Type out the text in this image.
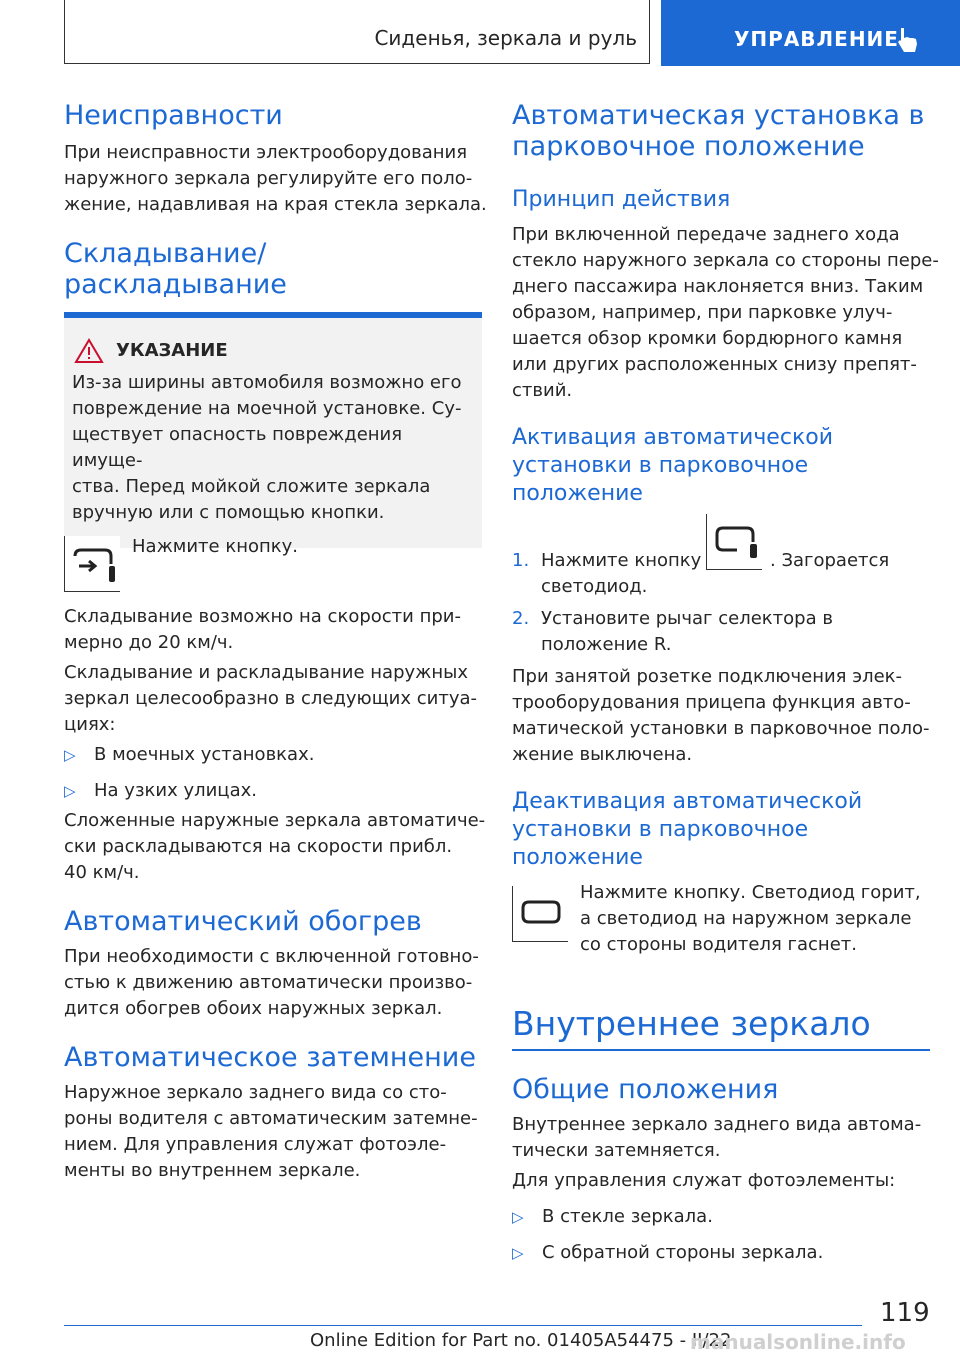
Сиденья, зеркала и руль	УПРАВЛЕНИЕ
Неисправности
При неисправности электрооборудования
наружного зеркала регулируйте его поло-
жение, надавливая на края стекла зеркала.
Складывание/раскладывание
УКАЗАНИЕ
Из-за ширины автомобиля возможно его
повреждение на моечной установке. Су-
ществует опасность повреждения имуще-
ства. Перед мойкой сложите зеркала
вручную или с помощью кнопки.
Нажмите кнопку.
Складывание возможно на скорости при-
мерно до 20 км/ч.
Складывание и раскладывание наружных
зеркал целесообразно в следующих ситуа-
циях:
▷ В моечных установках.
▷ На узких улицах.
Сложенные наружные зеркала автоматиче-
ски раскладываются на скорости прибл.
40 км/ч.
Автоматический обогрев
При необходимости с включенной готовно-
стью к движению автоматически произво-
дится обогрев обоих наружных зеркал.
Автоматическое затемнение
Наружное зеркало заднего вида со сто-
роны водителя с автоматическим затемне-
нием. Для управления служат фотоэле-
менты во внутреннем зеркале.
Автоматическая установка в
парковочное положение
Принцип действия
При включенной передаче заднего хода
стекло наружного зеркала со стороны пере-
днего пассажира наклоняется вниз. Таким
образом, например, при парковке улуч-
шается обзор кромки бордюрного камня
или других расположенных снизу препят-
ствий.
Активация автоматической
установки в парковочное
положение
1. Нажмите кнопку	. Загорается
светодиод.
2. Установите рычаг селектора в
положение R.
При занятой розетке подключения элек-
трооборудования прицепа функция авто-
матической установки в парковочное поло-
жение выключена.
Деактивация автоматической
установки в парковочное
положение
Нажмите кнопку. Светодиод горит,
а светодиод на наружном зеркале
со стороны водителя гаснет.
Внутреннее зеркало
Общие положения
Внутреннее зеркало заднего вида автома-
тически затемняется.
Для управления служат фотоэлементы:
▷ В стекле зеркала.
▷ С обратной стороны зеркала.
119
Online Edition for Part no. 01405A54475 - II/22
manualsonline.info
